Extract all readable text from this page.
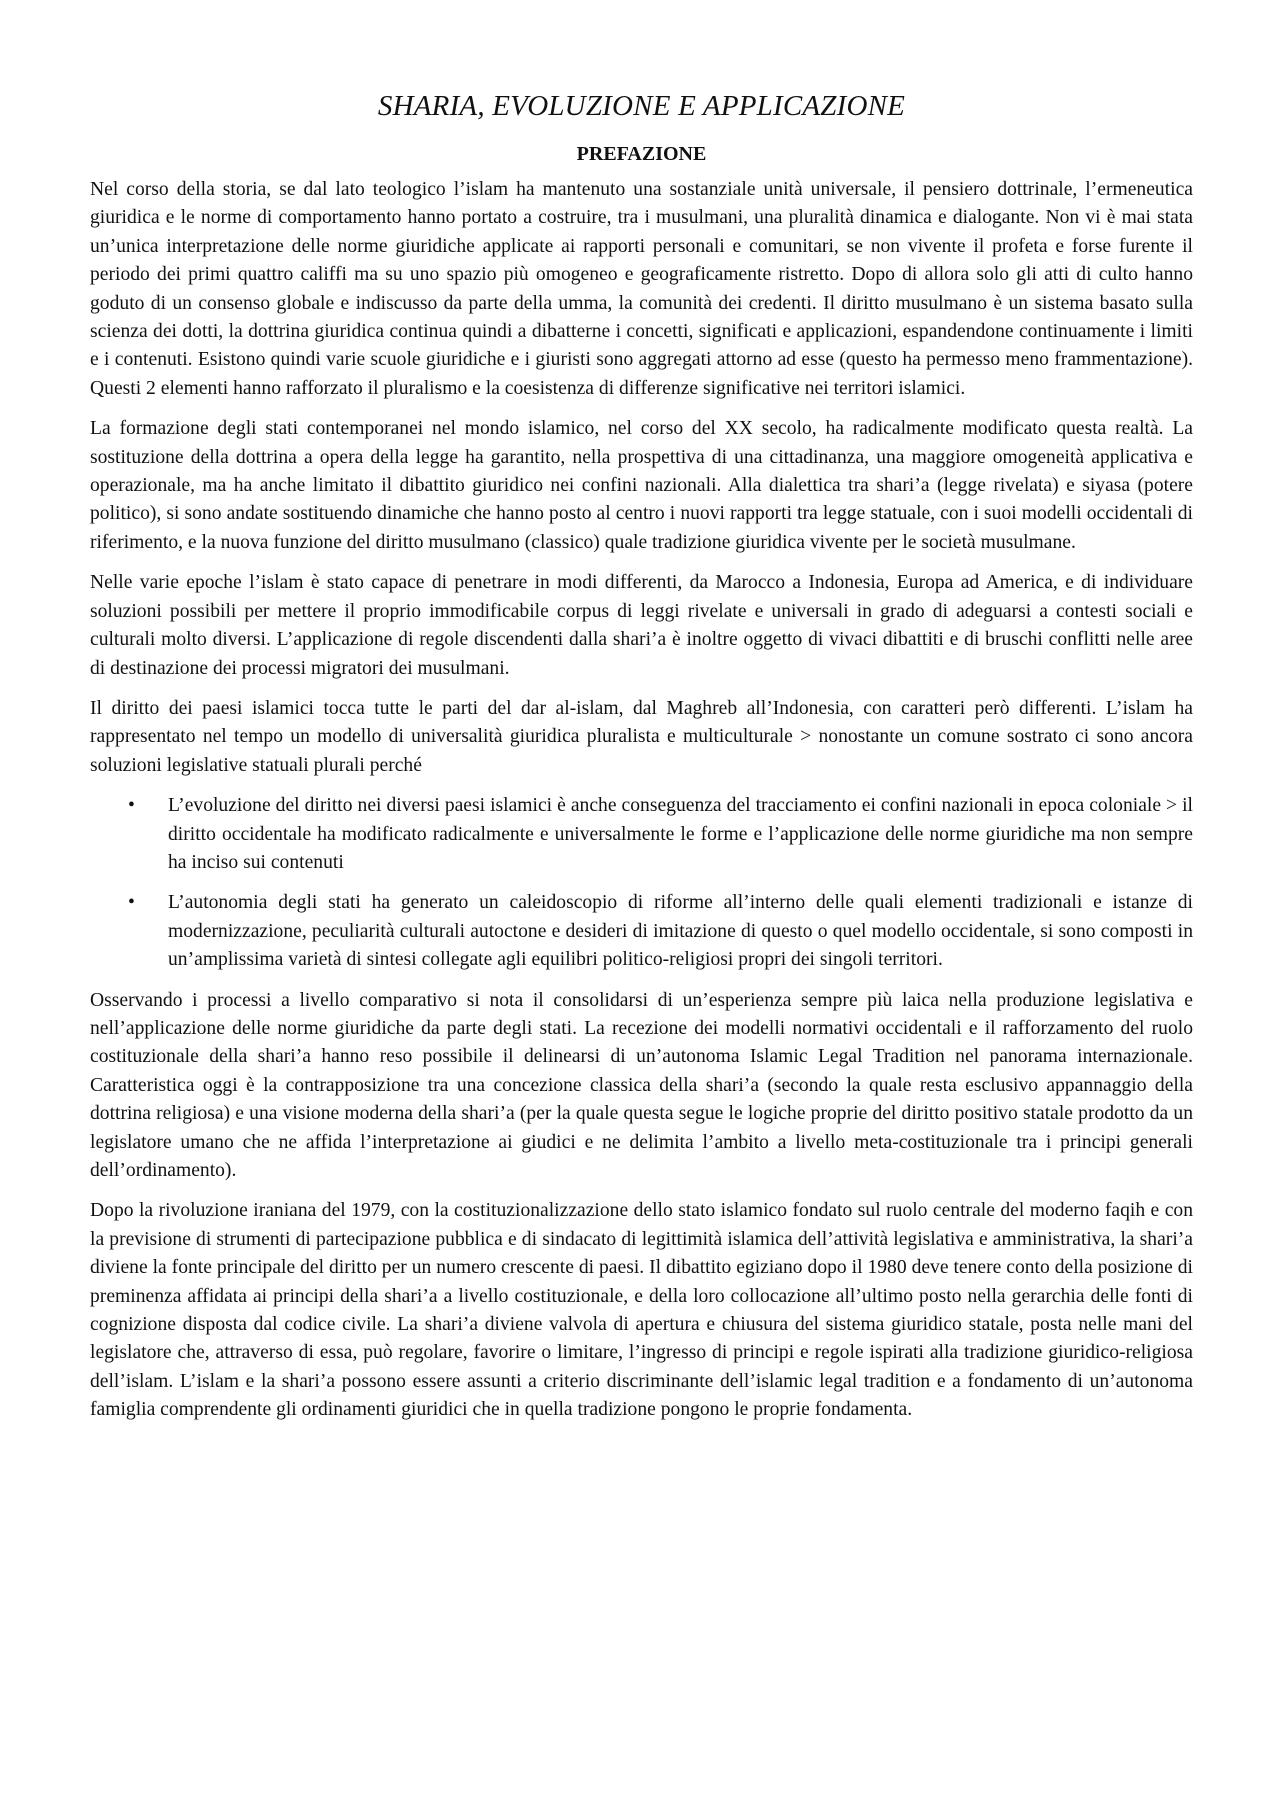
SHARIA, EVOLUZIONE E APPLICAZIONE
PREFAZIONE

Nel corso della storia, se dal lato teologico l’islam ha mantenuto una sostanziale unità universale, il pensiero dottrinale, l’ermeneutica giuridica e le norme di comportamento hanno portato a costruire, tra i musulmani, una pluralità dinamica e dialogante. Non vi è mai stata un’unica interpretazione delle norme giuridiche applicate ai rapporti personali e comunitari, se non vivente il profeta e forse furente il periodo dei primi quattro califfi ma su uno spazio più omogeneo e geograficamente ristretto. Dopo di allora solo gli atti di culto hanno goduto di un consenso globale e indiscusso da parte della umma, la comunità dei credenti. Il diritto musulmano è un sistema basato sulla scienza dei dotti, la dottrina giuridica continua quindi a dibatterne i concetti, significati e applicazioni, espandendone continuamente i limiti e i contenuti. Esistono quindi varie scuole giuridiche e i giuristi sono aggregati attorno ad esse (questo ha permesso meno frammentazione). Questi 2 elementi hanno rafforzato il pluralismo e la coesistenza di differenze significative nei territori islamici.

La formazione degli stati contemporanei nel mondo islamico, nel corso del XX secolo, ha radicalmente modificato questa realtà. La sostituzione della dottrina a opera della legge ha garantito, nella prospettiva di una cittadinanza, una maggiore omogeneità applicativa e operazionale, ma ha anche limitato il dibattito giuridico nei confini nazionali. Alla dialettica tra shari’a (legge rivelata) e siyasa (potere politico), si sono andate sostituendo dinamiche che hanno posto al centro i nuovi rapporti tra legge statuale, con i suoi modelli occidentali di riferimento, e la nuova funzione del diritto musulmano (classico) quale tradizione giuridica vivente per le società musulmane.

Nelle varie epoche l’islam è stato capace di penetrare in modi differenti, da Marocco a Indonesia, Europa ad America, e di individuare soluzioni possibili per mettere il proprio immodificabile corpus di leggi rivelate e universali in grado di adeguarsi a contesti sociali e culturali molto diversi. L’applicazione di regole discendenti dalla shari’a è inoltre oggetto di vivaci dibattiti e di bruschi conflitti nelle aree di destinazione dei processi migratori dei musulmani.

Il diritto dei paesi islamici tocca tutte le parti del dar al-islam, dal Maghreb all’Indonesia, con caratteri però differenti. L’islam ha rappresentato nel tempo un modello di universalità giuridica pluralista e multiculturale > nonostante un comune sostrato ci sono ancora soluzioni legislative statuali plurali perché

• L’evoluzione del diritto nei diversi paesi islamici è anche conseguenza del tracciamento ei confini nazionali in epoca coloniale > il diritto occidentale ha modificato radicalmente e universalmente le forme e l’applicazione delle norme giuridiche ma non sempre ha inciso sui contenuti
• L’autonomia degli stati ha generato un caleidoscopio di riforme all’interno delle quali elementi tradizionali e istanze di modernizzazione, peculiarità culturali autoctone e desideri di imitazione di questo o quel modello occidentale, si sono composti in un’amplissima varietà di sintesi collegate agli equilibri politico-religiosi propri dei singoli territori.

Osservando i processi a livello comparativo si nota il consolidarsi di un’esperienza sempre più laica nella produzione legislativa e nell’applicazione delle norme giuridiche da parte degli stati. La recezione dei modelli normativi occidentali e il rafforzamento del ruolo costituzionale della shari’a hanno reso possibile il delinearsi di un’autonoma Islamic Legal Tradition nel panorama internazionale. Caratteristica oggi è la contrapposizione tra una concezione classica della shari’a (secondo la quale resta esclusivo appannaggio della dottrina religiosa) e una visione moderna della shari’a (per la quale questa segue le logiche proprie del diritto positivo statale prodotto da un legislatore umano che ne affida l’interpretazione ai giudici e ne delimita l’ambito a livello meta-costituzionale tra i principi generali dell’ordinamento).

Dopo la rivoluzione iraniana del 1979, con la costituzionalizzazione dello stato islamico fondato sul ruolo centrale del moderno faqih e con la previsione di strumenti di partecipazione pubblica e di sindacato di legittimità islamica dell’attività legislativa e amministrativa, la shari’a diviene la fonte principale del diritto per un numero crescente di paesi. Il dibattito egiziano dopo il 1980 deve tenere conto della posizione di preminenza affidata ai principi della shari’a a livello costituzionale, e della loro collocazione all’ultimo posto nella gerarchia delle fonti di cognizione disposta dal codice civile. La shari’a diviene valvola di apertura e chiusura del sistema giuridico statale, posta nelle mani del legislatore che, attraverso di essa, può regolare, favorire o limitare, l’ingresso di principi e regole ispirati alla tradizione giuridico-religiosa dell’islam. L’islam e la shari’a possono essere assunti a criterio discriminante dell’islamic legal tradition e a fondamento di un’autonoma famiglia comprendente gli ordinamenti giuridici che in quella tradizione pongono le proprie fondamenta.
